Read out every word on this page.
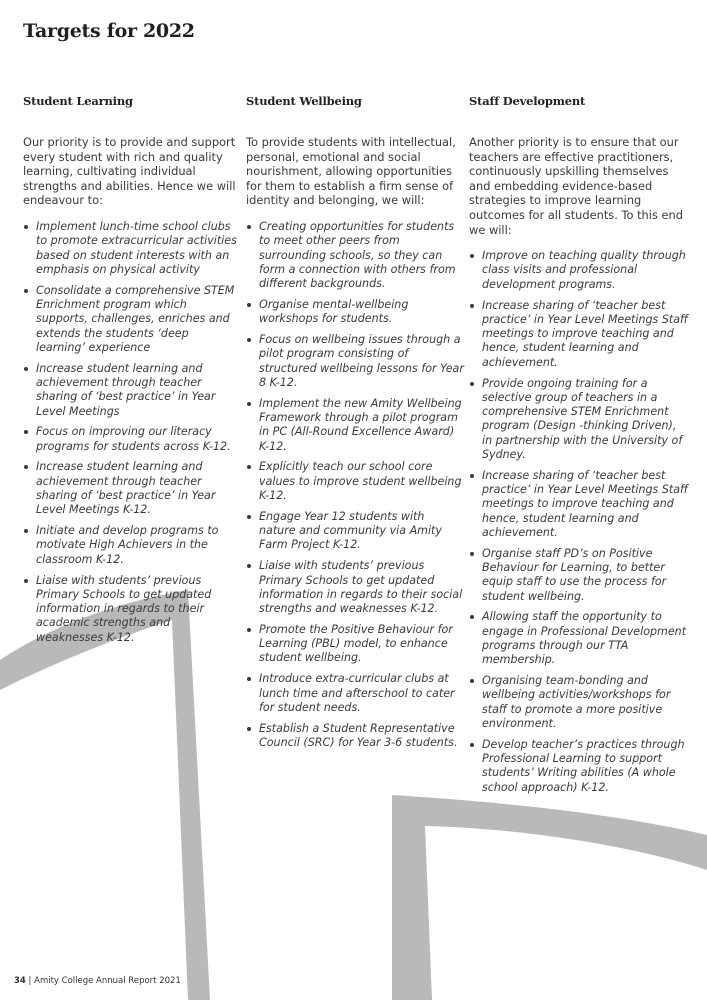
Targets for 2022
Student Learning

Our priority is to provide and support every student with rich and quality learning, cultivating individual strengths and abilities. Hence we will endeavour to:

Implement lunch-time school clubs to promote extracurricular activities based on student interests with an emphasis on physical activity
Consolidate a comprehensive STEM Enrichment program which supports, challenges, enriches and extends the students ‘deep learning’ experience
Increase student learning and achievement through teacher sharing of ‘best practice’ in Year Level Meetings
Focus on improving our literacy programs for students across K-12.
Increase student learning and achievement through teacher sharing of ‘best practice’ in Year Level Meetings K-12.
Initiate and develop programs to motivate High Achievers in the classroom K-12.
Liaise with students’ previous Primary Schools to get updated information in regards to their academic strengths and weaknesses K-12.
Student Wellbeing

To provide students with intellectual, personal, emotional and social nourishment, allowing opportunities for them to establish a firm sense of identity and belonging, we will:

Creating opportunities for students to meet other peers from surrounding schools, so they can form a connection with others from different backgrounds.
Organise mental-wellbeing workshops for students.
Focus on wellbeing issues through a pilot program consisting of structured wellbeing lessons for Year 8 K-12.
Implement the new Amity Wellbeing Framework through a pilot program in PC (All-Round Excellence Award) K-12.
Explicitly teach our school core values to improve student wellbeing K-12.
Engage Year 12 students with nature and community via Amity Farm Project K-12.
Liaise with students’ previous Primary Schools to get updated information in regards to their social strengths and weaknesses K-12.
Promote the Positive Behaviour for Learning (PBL) model, to enhance student wellbeing.
Introduce extra-curricular clubs at lunch time and afterschool to cater for student needs.
Establish a Student Representative Council (SRC) for Year 3-6 students.
Staff Development

Another priority is to ensure that our teachers are effective practitioners, continuously upskilling themselves and embedding evidence-based strategies to improve learning outcomes for all students. To this end we will:

Improve on teaching quality through class visits and professional development programs.
Increase sharing of ‘teacher best practice’ in Year Level Meetings Staff meetings to improve teaching and hence, student learning and achievement.
Provide ongoing training for a selective group of teachers in a comprehensive STEM Enrichment program (Design -thinking Driven), in partnership with the University of Sydney.
Increase sharing of ‘teacher best practice’ in Year Level Meetings Staff meetings to improve teaching and hence, student learning and achievement.
Organise staff PD’s on Positive Behaviour for Learning, to better equip staff to use the process for student wellbeing.
Allowing staff the opportunity to engage in Professional Development programs through our TTA membership.
Organising team-bonding and wellbeing activities/workshops for staff to promote a more positive environment.
Develop teacher’s practices through Professional Learning to support students’ Writing abilities (A whole school approach) K-12.
34 | Amity College Annual Report 2021
